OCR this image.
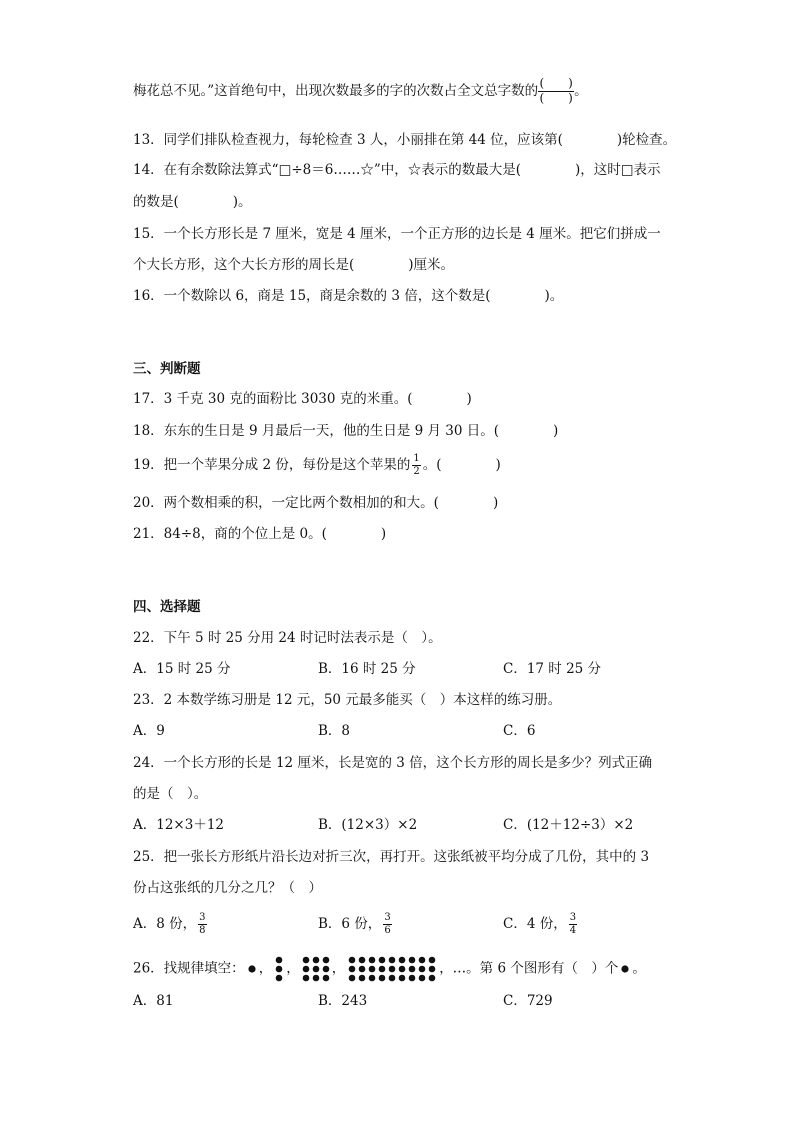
梅花总不见。”这首绝句中，出现次数最多的字的次数占全文总字数的 (　　)
(　　) 。
13．同学们排队检查视力，每轮检查 3 人，小丽排在第 44 位，应该第(　　　　)轮检查。
14．在有余数除法算式“□÷8＝6……☆”中，☆表示的数最大是(　　　　)，这时□表示
的数是(　　　　)。
15．一个长方形长是 7 厘米，宽是 4 厘米，一个正方形的边长是 4 厘米。把它们拼成一
个大长方形，这个大长方形的周长是(　　　　)厘米。
16．一个数除以 6，商是 15，商是余数的 3 倍，这个数是(　　　　)。
三、判断题
17．3 千克 30 克的面粉比 3030 克的米重。(　　　　)
18．东东的生日是 9 月最后一天，他的生日是 9 月 30 日。(　　　　)
19．把一个苹果分成 2 份，每份是这个苹果的 $\frac{1}{2}$ 。(　　　　)
20．两个数相乘的积，一定比两个数相加的和大。(　　　　)
21．84÷8，商的个位上是 0。(　　　　)
四、选择题
22．下午 5 时 25 分用 24 时记时法表示是（　）。
A．15 时 25 分	B．16 时 25 分	C．17 时 25 分
23．2 本数学练习册是 12 元，50 元最多能买（　）本这样的练习册。
A．9	B．8	C．6
24．一个长方形的长是 12 厘米，长是宽的 3 倍，这个长方形的周长是多少？列式正确
的是（　）。
A．12×3＋12	B．(12×3）×2	C．(12＋12÷3）×2
25．把一张长方形纸片沿长边对折三次，再打开。这张纸被平均分成了几份，其中的 3
份占这张纸的几分之几？（　）
A．8 份， $\frac{3}{8}$	B．6 份， $\frac{3}{6}$	C．4 份， $\frac{3}{4}$
26．找规律填空： ， ， ，	，…。第 6 个图形有（　）个 。
A．81	B．243	C．729
